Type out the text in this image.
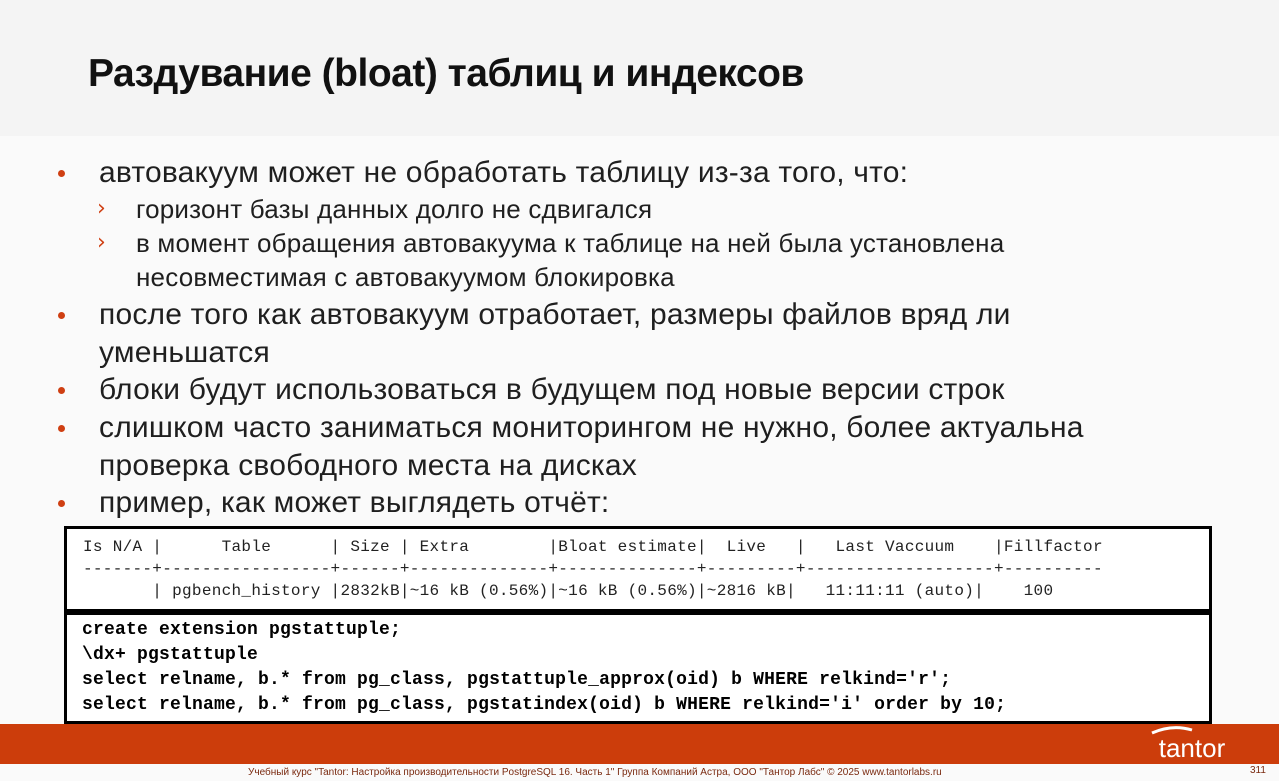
Раздувание (bloat) таблиц и индексов
автовакуум может не обработать таблицу из-за того, что:
› горизонт базы данных долго не сдвигался
› в момент обращения автовакуума к таблице на ней была установлена
несовместимая с автовакуумом блокировка
после того как автовакуум отработает, размеры файлов вряд ли
уменьшатся
блоки будут использоваться в будущем под новые версии строк
слишком часто заниматься мониторингом не нужно, более актуальна
проверка свободного места на дисках
пример, как может выглядеть отчёт:
Is N/A |      Table      | Size | Extra        |Bloat estimate|  Live   |   Last Vaccuum    |Fillfactor
-------+-----------------+------+--------------+--------------+---------+-------------------+----------
| pgbench_history |2832kB|~16 kB (0.56%)|~16 kB (0.56%)|~2816 kB|   11:11:11 (auto)|    100
create extension pgstattuple;
\dx+ pgstattuple
select relname, b.* from pg_class, pgstattuple_approx(oid) b WHERE relkind='r';
select relname, b.* from pg_class, pgstatindex(oid) b WHERE relkind='i' order by 10;
tantor
Учебный курс "Tantor: Настройка производительности PostgreSQL 16. Часть 1" Группа Компаний Астра, ООО "Тантор Лабс" © 2025 www.tantorlabs.ru	311
